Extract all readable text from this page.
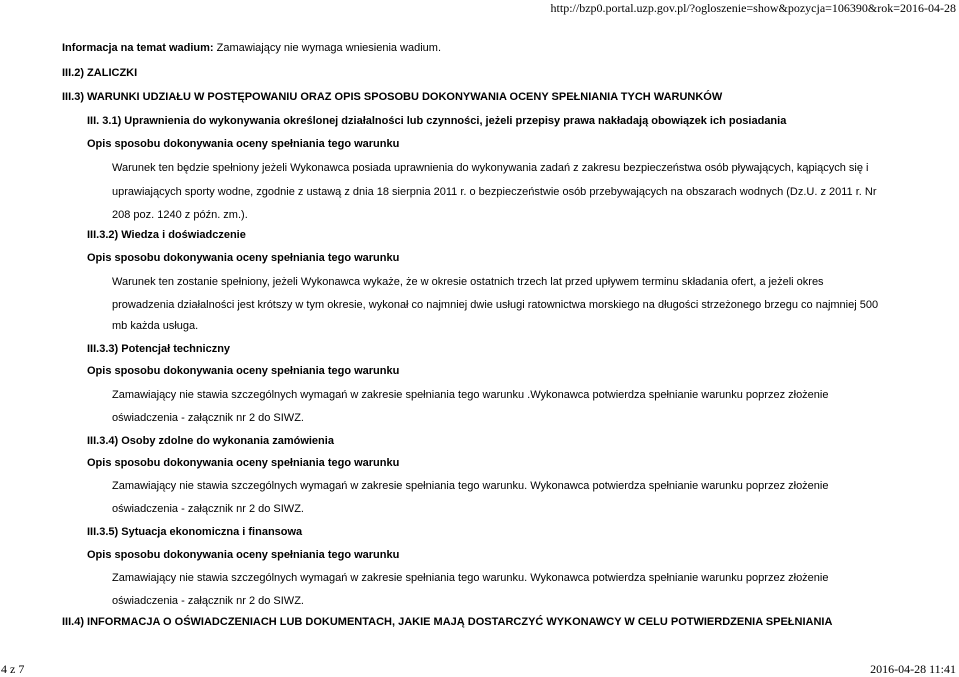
http://bzp0.portal.uzp.gov.pl/?ogloszenie=show&pozycja=106390&rok=2016-04-28
Informacja na temat wadium: Zamawiający nie wymaga wniesienia wadium.
III.2) ZALICZKI
III.3) WARUNKI UDZIAŁU W POSTĘPOWANIU ORAZ OPIS SPOSOBU DOKONYWANIA OCENY SPEŁNIANIA TYCH WARUNKÓW
III. 3.1) Uprawnienia do wykonywania określonej działalności lub czynności, jeżeli przepisy prawa nakładają obowiązek ich posiadania
Opis sposobu dokonywania oceny spełniania tego warunku
Warunek ten będzie spełniony jeżeli Wykonawca posiada uprawnienia do wykonywania zadań z zakresu bezpieczeństwa osób pływających, kąpiących się i
uprawiających sporty wodne, zgodnie z ustawą z dnia 18 sierpnia 2011 r. o bezpieczeństwie osób przebywających na obszarach wodnych (Dz.U. z 2011 r. Nr
208 poz. 1240 z późn. zm.).
III.3.2) Wiedza i doświadczenie
Opis sposobu dokonywania oceny spełniania tego warunku
Warunek ten zostanie spełniony, jeżeli Wykonawca wykaże, że w okresie ostatnich trzech lat przed upływem terminu składania ofert, a jeżeli okres
prowadzenia działalności jest krótszy w tym okresie, wykonał co najmniej dwie usługi ratownictwa morskiego na długości strzeżonego brzegu co najmniej 500
mb każda usługa.
III.3.3) Potencjał techniczny
Opis sposobu dokonywania oceny spełniania tego warunku
Zamawiający nie stawia szczególnych wymagań w zakresie spełniania tego warunku .Wykonawca potwierdza spełnianie warunku poprzez złożenie
oświadczenia - załącznik nr 2 do SIWZ.
III.3.4) Osoby zdolne do wykonania zamówienia
Opis sposobu dokonywania oceny spełniania tego warunku
Zamawiający nie stawia szczególnych wymagań w zakresie spełniania tego warunku. Wykonawca potwierdza spełnianie warunku poprzez złożenie
oświadczenia - załącznik nr 2 do SIWZ.
III.3.5) Sytuacja ekonomiczna i finansowa
Opis sposobu dokonywania oceny spełniania tego warunku
Zamawiający nie stawia szczególnych wymagań w zakresie spełniania tego warunku. Wykonawca potwierdza spełnianie warunku poprzez złożenie
oświadczenia - załącznik nr 2 do SIWZ.
III.4) INFORMACJA O OŚWIADCZENIACH LUB DOKUMENTACH, JAKIE MAJĄ DOSTARCZYĆ WYKONAWCY W CELU POTWIERDZENIA SPEŁNIANIA
4 z 7	2016-04-28 11:41
